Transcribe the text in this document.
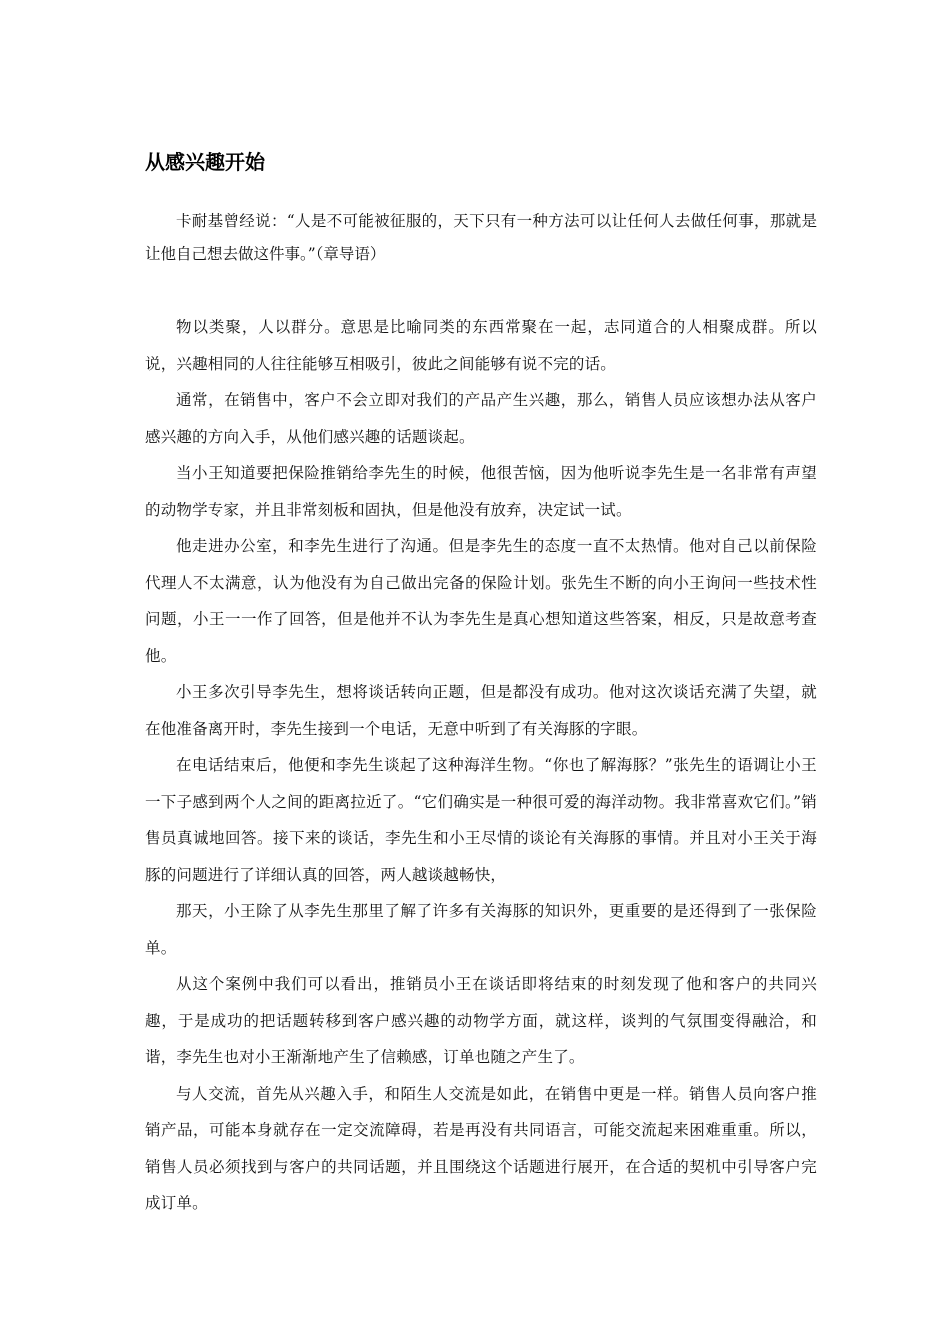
从感兴趣开始

卡耐基曾经说：“人是不可能被征服的，天下只有一种方法可以让任何人去做任何事，那就是让他自己想去做这件事。”（章导语）

物以类聚，人以群分。意思是比喻同类的东西常聚在一起，志同道合的人相聚成群。所以说，兴趣相同的人往往能够互相吸引，彼此之间能够有说不完的话。

通常，在销售中，客户不会立即对我们的产品产生兴趣，那么，销售人员应该想办法从客户感兴趣的方向入手，从他们感兴趣的话题谈起。

当小王知道要把保险推销给李先生的时候，他很苦恼，因为他听说李先生是一名非常有声望的动物学专家，并且非常刻板和固执，但是他没有放弃，决定试一试。

他走进办公室，和李先生进行了沟通。但是李先生的态度一直不太热情。他对自己以前保险代理人不太满意，认为他没有为自己做出完备的保险计划。张先生不断的向小王询问一些技术性问题，小王一一作了回答，但是他并不认为李先生是真心想知道这些答案，相反，只是故意考查他。

小王多次引导李先生，想将谈话转向正题，但是都没有成功。他对这次谈话充满了失望，就在他准备离开时，李先生接到一个电话，无意中听到了有关海豚的字眼。

在电话结束后，他便和李先生谈起了这种海洋生物。“你也了解海豚？”张先生的语调让小王一下子感到两个人之间的距离拉近了。“它们确实是一种很可爱的海洋动物。我非常喜欢它们。”销售员真诚地回答。接下来的谈话，李先生和小王尽情的谈论有关海豚的事情。并且对小王关于海豚的问题进行了详细认真的回答，两人越谈越畅快，

那天，小王除了从李先生那里了解了许多有关海豚的知识外，更重要的是还得到了一张保险单。

从这个案例中我们可以看出，推销员小王在谈话即将结束的时刻发现了他和客户的共同兴趣，于是成功的把话题转移到客户感兴趣的动物学方面，就这样，谈判的气氛围变得融洽，和谐，李先生也对小王渐渐地产生了信赖感，订单也随之产生了。

与人交流，首先从兴趣入手，和陌生人交流是如此，在销售中更是一样。销售人员向客户推销产品，可能本身就存在一定交流障碍，若是再没有共同语言，可能交流起来困难重重。所以，销售人员必须找到与客户的共同话题，并且围绕这个话题进行展开，在合适的契机中引导客户完成订单。
